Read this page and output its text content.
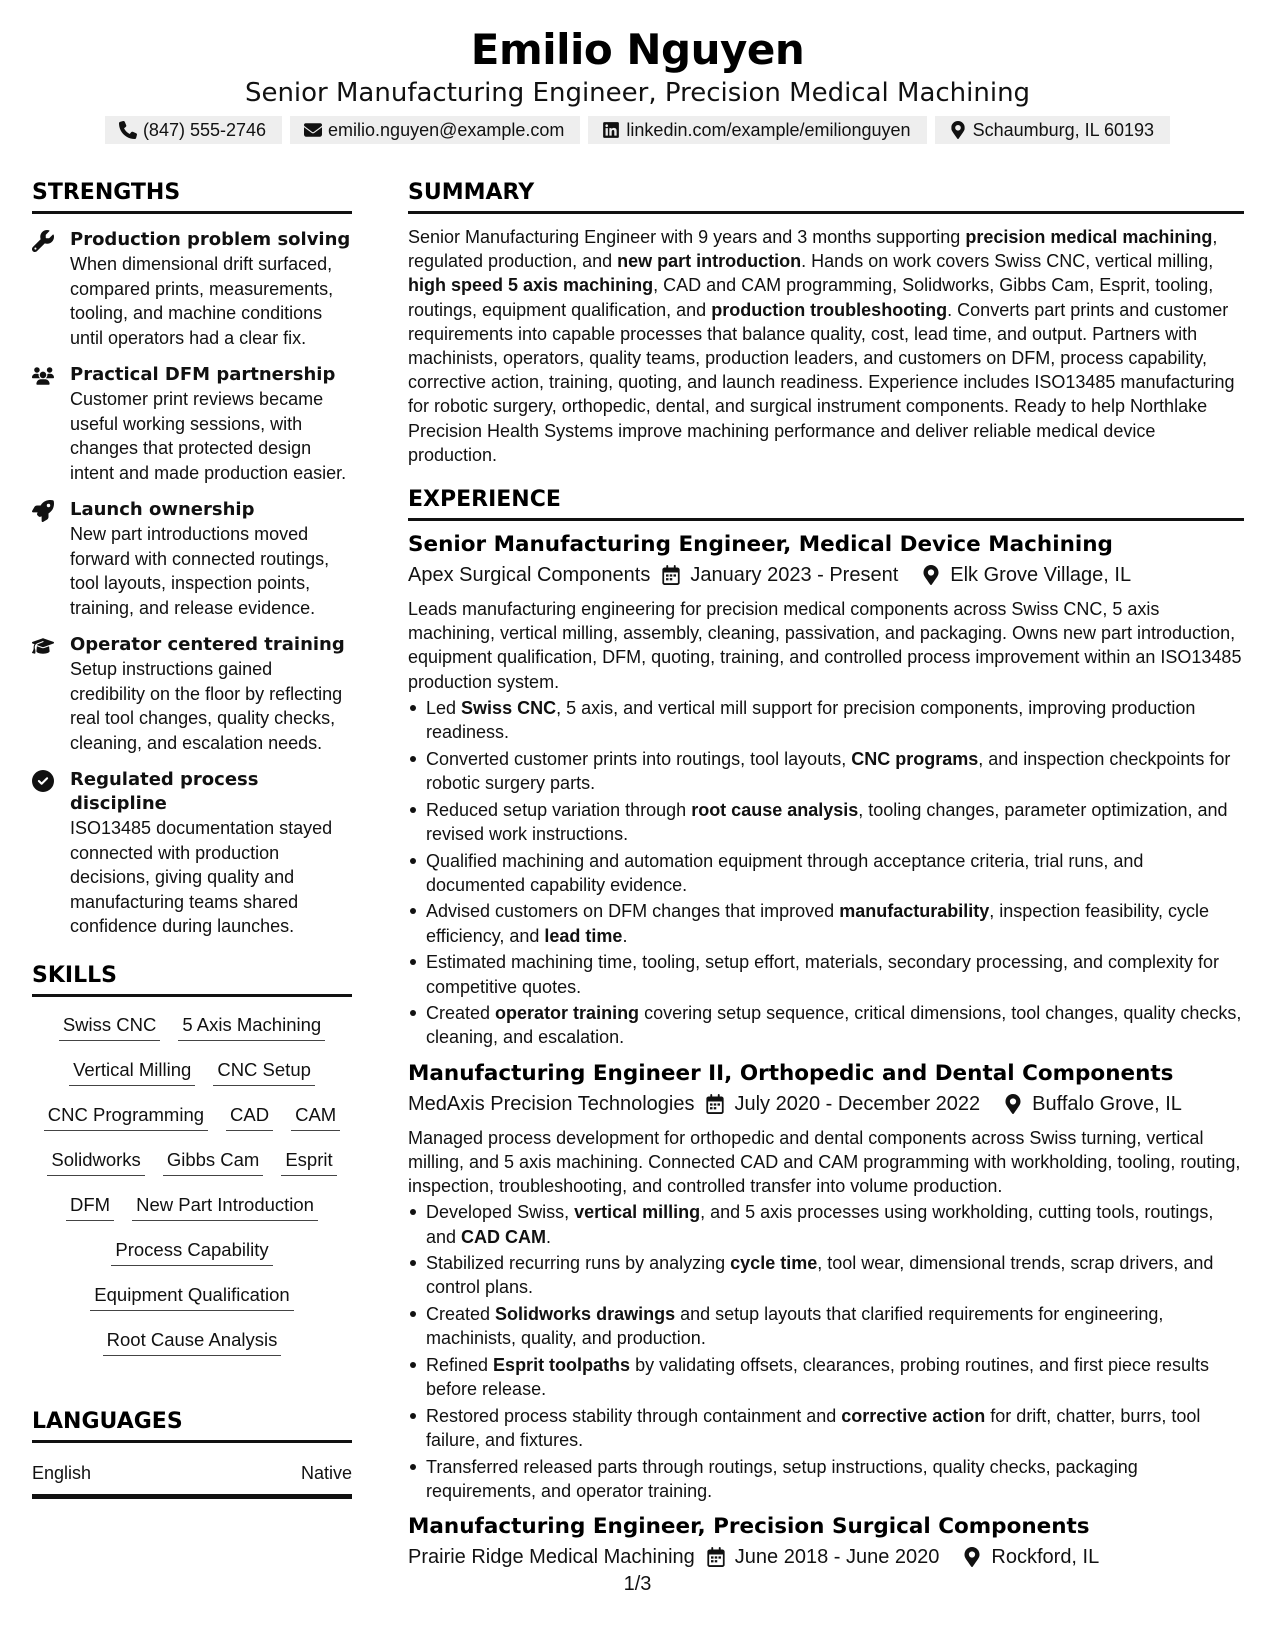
Emilio Nguyen
Senior Manufacturing Engineer, Precision Medical Machining
(847) 555-2746	emilio.nguyen@example.com	linkedin.com/example/emilionguyen	Schaumburg, IL 60193
STRENGTHS
Production problem solving
When dimensional drift surfaced, compared prints, measurements, tooling, and machine conditions until operators had a clear fix.
Practical DFM partnership
Customer print reviews became useful working sessions, with changes that protected design intent and made production easier.
Launch ownership
New part introductions moved forward with connected routings, tool layouts, inspection points, training, and release evidence.
Operator centered training
Setup instructions gained credibility on the floor by reflecting real tool changes, quality checks, cleaning, and escalation needs.
Regulated process discipline
ISO13485 documentation stayed connected with production decisions, giving quality and manufacturing teams shared confidence during launches.
SKILLS
Swiss CNC 5 Axis Machining
Vertical Milling CNC Setup
CNC Programming CAD CAM
Solidworks Gibbs Cam Esprit
DFM New Part Introduction
Process Capability
Equipment Qualification
Root Cause Analysis
LANGUAGES
English	Native
SUMMARY
Senior Manufacturing Engineer with 9 years and 3 months supporting precision medical machining, regulated production, and new part introduction. Hands on work covers Swiss CNC, vertical milling, high speed 5 axis machining, CAD and CAM programming, Solidworks, Gibbs Cam, Esprit, tooling, routings, equipment qualification, and production troubleshooting. Converts part prints and customer requirements into capable processes that balance quality, cost, lead time, and output. Partners with machinists, operators, quality teams, production leaders, and customers on DFM, process capability, corrective action, training, quoting, and launch readiness. Experience includes ISO13485 manufacturing for robotic surgery, orthopedic, dental, and surgical instrument components. Ready to help Northlake Precision Health Systems improve machining performance and deliver reliable medical device production.
EXPERIENCE
Senior Manufacturing Engineer, Medical Device Machining
Apex Surgical Components January 2023 - Present	Elk Grove Village, IL
Leads manufacturing engineering for precision medical components across Swiss CNC, 5 axis machining, vertical milling, assembly, cleaning, passivation, and packaging. Owns new part introduction, equipment qualification, DFM, quoting, training, and controlled process improvement within an ISO13485 production system.
Led Swiss CNC, 5 axis, and vertical mill support for precision components, improving production readiness.
Converted customer prints into routings, tool layouts, CNC programs, and inspection checkpoints for robotic surgery parts.
Reduced setup variation through root cause analysis, tooling changes, parameter optimization, and revised work instructions.
Qualified machining and automation equipment through acceptance criteria, trial runs, and documented capability evidence.
Advised customers on DFM changes that improved manufacturability, inspection feasibility, cycle efficiency, and lead time.
Estimated machining time, tooling, setup effort, materials, secondary processing, and complexity for competitive quotes.
Created operator training covering setup sequence, critical dimensions, tool changes, quality checks, cleaning, and escalation.
Manufacturing Engineer II, Orthopedic and Dental Components
MedAxis Precision Technologies July 2020 - December 2022	Buffalo Grove, IL
Managed process development for orthopedic and dental components across Swiss turning, vertical milling, and 5 axis machining. Connected CAD and CAM programming with workholding, tooling, routing, inspection, troubleshooting, and controlled transfer into volume production.
Developed Swiss, vertical milling, and 5 axis processes using workholding, cutting tools, routings, and CAD CAM.
Stabilized recurring runs by analyzing cycle time, tool wear, dimensional trends, scrap drivers, and control plans.
Created Solidworks drawings and setup layouts that clarified requirements for engineering, machinists, quality, and production.
Refined Esprit toolpaths by validating offsets, clearances, probing routines, and first piece results before release.
Restored process stability through containment and corrective action for drift, chatter, burrs, tool failure, and fixtures.
Transferred released parts through routings, setup instructions, quality checks, packaging requirements, and operator training.
Manufacturing Engineer, Precision Surgical Components
Prairie Ridge Medical Machining June 2018 - June 2020	Rockford, IL
1/3
